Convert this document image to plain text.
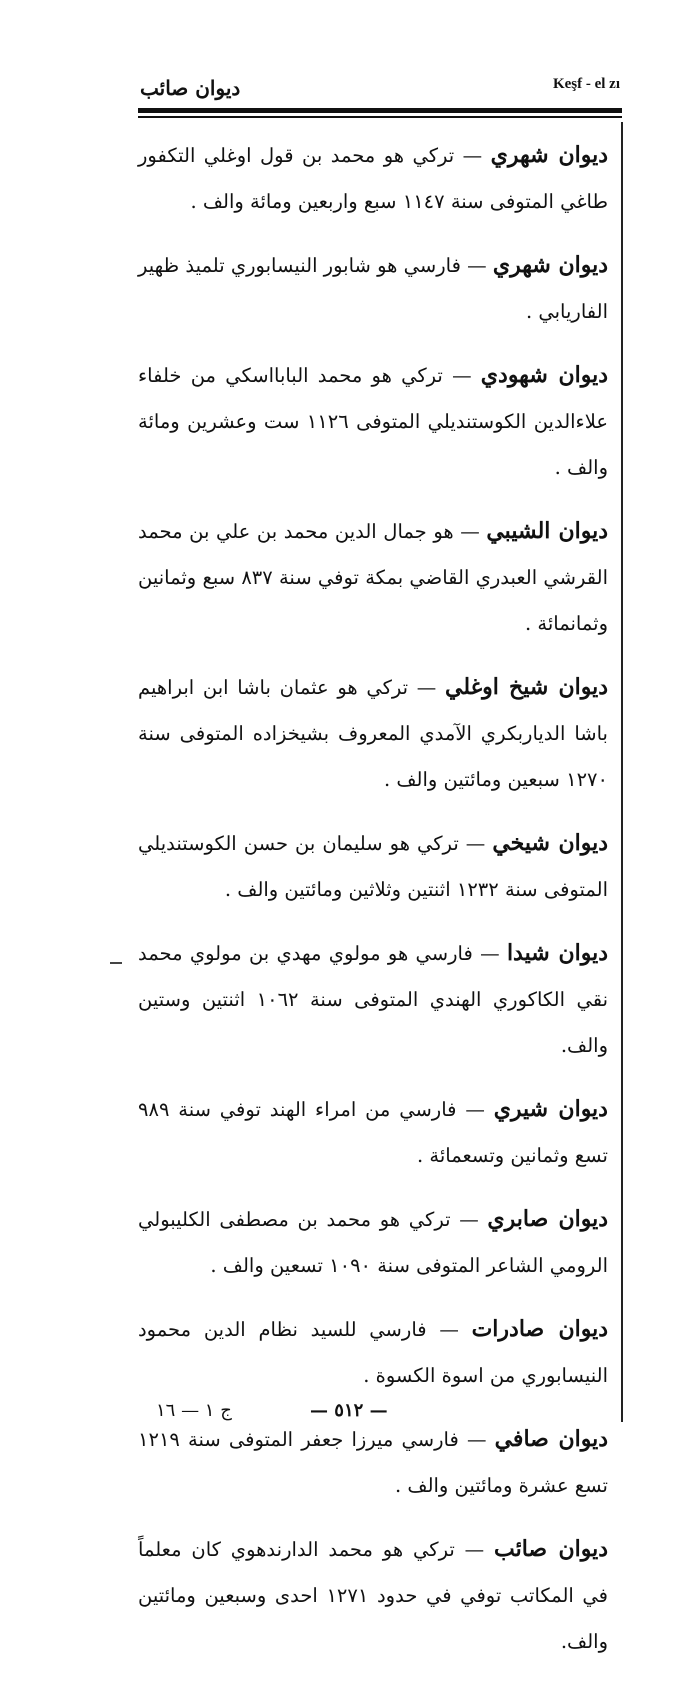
ديوان صائب	Keşf - el zı

ديوان شهري — تركي هو محمد بن قول اوغلي التكفور طاغي المتوفى سنة ١١٤٧ سبع واربعين ومائة والف .

ديوان شهري — فارسي هو شابور النيسابوري تلميذ ظهير الفاريابي .

ديوان شهودي — تركي هو محمد البابااسكي من خلفاء علاءالدين الكوستنديلي المتوفى ١١٢٦ ست وعشرين ومائة والف .

ديوان الشيبي — هو جمال الدين محمد بن علي بن محمد القرشي العبدري القاضي بمكة توفي سنة ٨٣٧ سبع وثمانين وثمانمائة .

ديوان شيخ اوغلي — تركي هو عثمان باشا ابن ابراهيم باشا الدياربكري الآمدي المعروف بشيخزاده المتوفى سنة ١٢٧٠ سبعين ومائتين والف .

ديوان شيخي — تركي هو سليمان بن حسن الكوستنديلي المتوفى سنة ١٢٣٢ اثنتين وثلاثين ومائتين والف .

ديوان شيدا — فارسي هو مولوي مهدي بن مولوي محمد نقي الكاكوري الهندي المتوفى سنة ١٠٦٢ اثنتين وستين والف.

ديوان شيري — فارسي من امراء الهند توفي سنة ٩٨٩ تسع وثمانين وتسعمائة .

ديوان صابري — تركي هو محمد بن مصطفى الكليبولي الرومي الشاعر المتوفى سنة ١٠٩٠ تسعين والف .

ديوان صادرات — فارسي للسيد نظام الدين محمود النيسابوري من اسوة الكسوة .

ديوان صافي — فارسي ميرزا جعفر المتوفى سنة ١٢١٩ تسع عشرة ومائتين والف .

ديوان صائب — تركي هو محمد الدارندهوي كان معلماً في المكاتب توفي في حدود ١٢٧١ احدى وسبعين ومائتين والف.

— ٥١٢ —
ج ١ — ١٦
